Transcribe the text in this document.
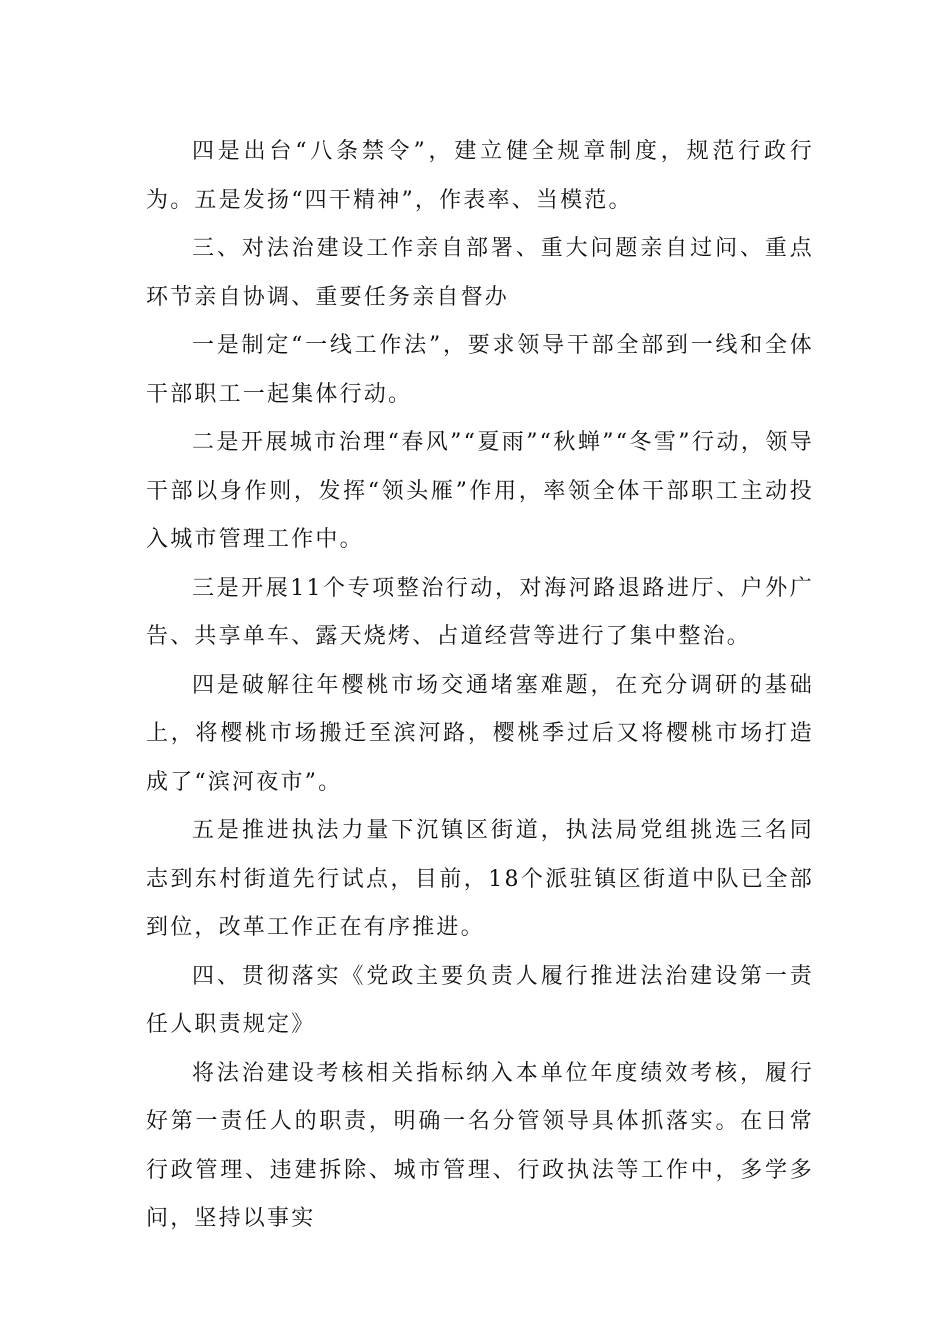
四是出台“八条禁令”，建立健全规章制度，规范行政行为。五是发扬“四干精神”，作表率、当模范。

三、对法治建设工作亲自部署、重大问题亲自过问、重点环节亲自协调、重要任务亲自督办

一是制定“一线工作法”，要求领导干部全部到一线和全体干部职工一起集体行动。

二是开展城市治理“春风”“夏雨”“秋蝉”“冬雪”行动，领导干部以身作则，发挥“领头雁”作用，率领全体干部职工主动投入城市管理工作中。

三是开展11个专项整治行动，对海河路退路进厅、户外广告、共享单车、露天烧烤、占道经营等进行了集中整治。

四是破解往年樱桃市场交通堵塞难题，在充分调研的基础上，将樱桃市场搬迁至滨河路，樱桃季过后又将樱桃市场打造成了“滨河夜市”。

五是推进执法力量下沉镇区街道，执法局党组挑选三名同志到东村街道先行试点，目前，18个派驻镇区街道中队已全部到位，改革工作正在有序推进。

四、贯彻落实《党政主要负责人履行推进法治建设第一责任人职责规定》

将法治建设考核相关指标纳入本单位年度绩效考核，履行好第一责任人的职责，明确一名分管领导具体抓落实。在日常行政管理、违建拆除、城市管理、行政执法等工作中，多学多问，坚持以事实
